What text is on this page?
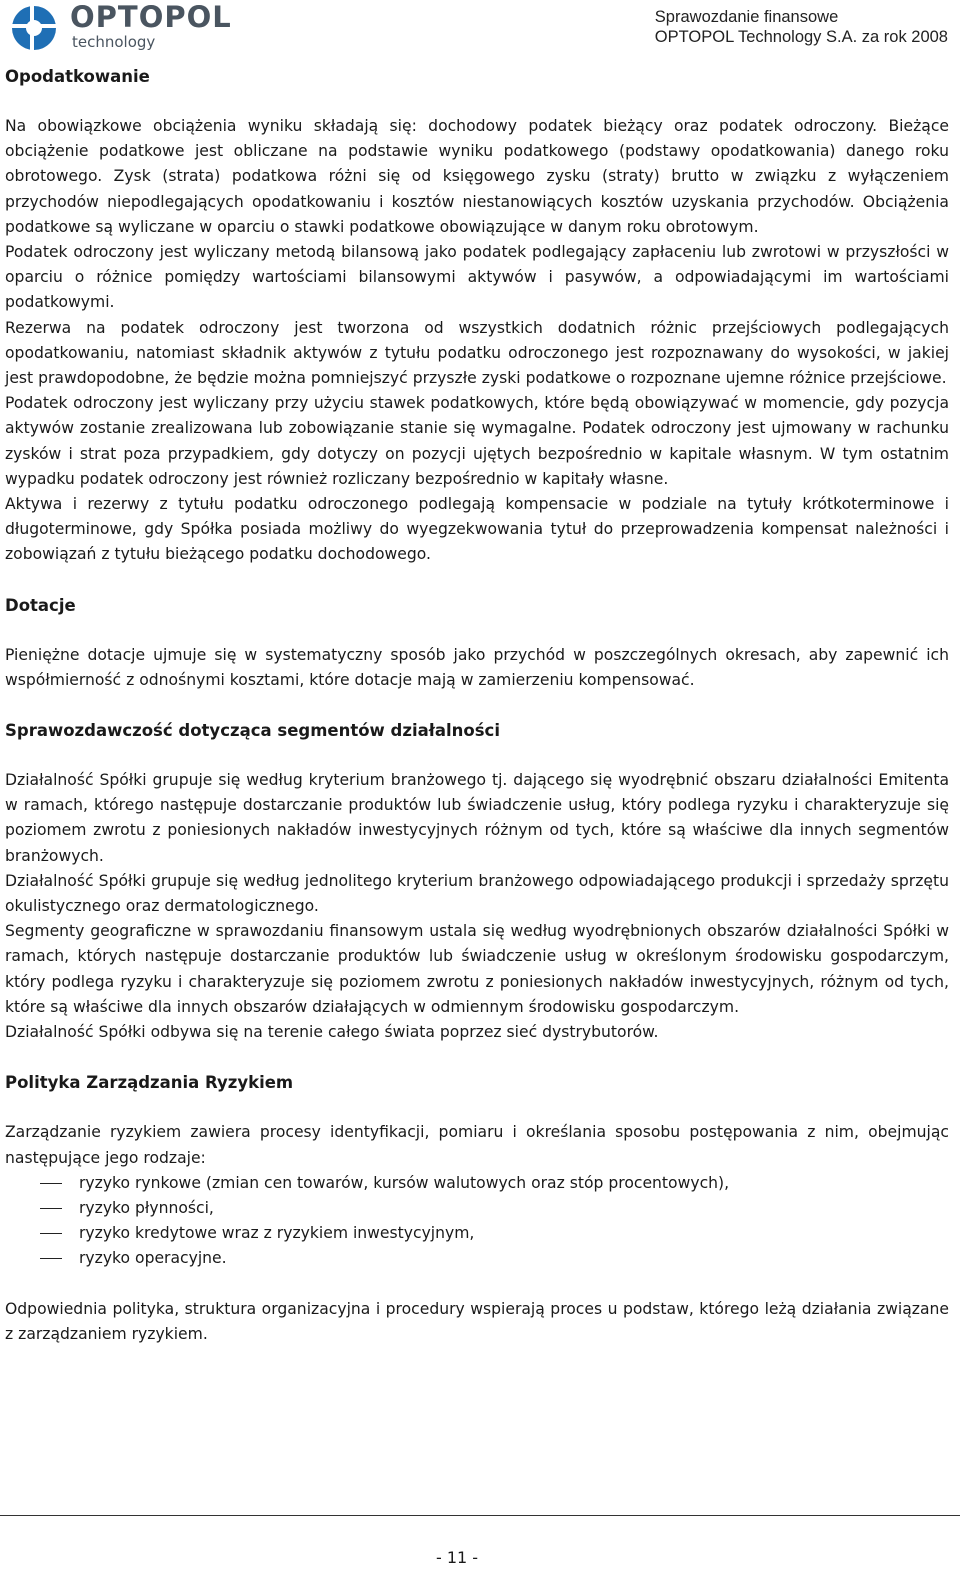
OPTOPOL
technology
Sprawozdanie finansowe
OPTOPOL Technology S.A. za rok 2008
Opodatkowanie

Na obowiązkowe obciążenia wyniku składają się: dochodowy podatek bieżący oraz podatek odroczony. Bieżące obciążenie podatkowe jest obliczane na podstawie wyniku podatkowego (podstawy opodatkowania) danego roku obrotowego. Zysk (strata) podatkowa różni się od księgowego zysku (straty) brutto w związku z wyłączeniem przychodów niepodlegających opodatkowaniu i kosztów niestanowiących kosztów uzyskania przychodów. Obciążenia podatkowe są wyliczane w oparciu o stawki podatkowe obowiązujące w danym roku obrotowym.

Podatek odroczony jest wyliczany metodą bilansową jako podatek podlegający zapłaceniu lub zwrotowi w przyszłości w oparciu o różnice pomiędzy wartościami bilansowymi aktywów i pasywów, a odpowiadającymi im wartościami podatkowymi.

Rezerwa na podatek odroczony jest tworzona od wszystkich dodatnich różnic przejściowych podlegających opodatkowaniu, natomiast składnik aktywów z tytułu podatku odroczonego jest rozpoznawany do wysokości, w jakiej jest prawdopodobne, że będzie można pomniejszyć przyszłe zyski podatkowe o rozpoznane ujemne różnice przejściowe.

Podatek odroczony jest wyliczany przy użyciu stawek podatkowych, które będą obowiązywać w momencie, gdy pozycja aktywów zostanie zrealizowana lub zobowiązanie stanie się wymagalne. Podatek odroczony jest ujmowany w rachunku zysków i strat poza przypadkiem, gdy dotyczy on pozycji ujętych bezpośrednio w kapitale własnym. W tym ostatnim wypadku podatek odroczony jest również rozliczany bezpośrednio w kapitały własne.

Aktywa i rezerwy z tytułu podatku odroczonego podlegają kompensacie w podziale na tytuły krótkoterminowe i długoterminowe, gdy Spółka posiada możliwy do wyegzekwowania tytuł do przeprowadzenia kompensat należności i zobowiązań z tytułu bieżącego podatku dochodowego.

Dotacje

Pieniężne dotacje ujmuje się w systematyczny sposób jako przychód w poszczególnych okresach, aby zapewnić ich współmierność z odnośnymi kosztami, które dotacje mają w zamierzeniu kompensować.

Sprawozdawczość dotycząca segmentów działalności

Działalność Spółki grupuje się według kryterium branżowego tj. dającego się wyodrębnić obszaru działalności Emitenta w ramach, którego następuje dostarczanie produktów lub świadczenie usług, który podlega ryzyku i charakteryzuje się poziomem zwrotu z poniesionych nakładów inwestycyjnych różnym od tych, które są właściwe dla innych segmentów branżowych.

Działalność Spółki grupuje się według jednolitego kryterium branżowego odpowiadającego produkcji i sprzedaży sprzętu okulistycznego oraz dermatologicznego.

Segmenty geograficzne w sprawozdaniu finansowym ustala się według wyodrębnionych obszarów działalności Spółki w ramach, których następuje dostarczanie produktów lub świadczenie usług w określonym środowisku gospodarczym, który podlega ryzyku i charakteryzuje się poziomem zwrotu z poniesionych nakładów inwestycyjnych, różnym od tych, które są właściwe dla innych obszarów działających w odmiennym środowisku gospodarczym.

Działalność Spółki odbywa się na terenie całego świata poprzez sieć dystrybutorów.

Polityka Zarządzania Ryzykiem

Zarządzanie ryzykiem zawiera procesy identyfikacji, pomiaru i określania sposobu postępowania z nim, obejmując następujące jego rodzaje:

ryzyko rynkowe (zmian cen towarów, kursów walutowych oraz stóp procentowych),
ryzyko płynności,
ryzyko kredytowe wraz z ryzykiem inwestycyjnym,
ryzyko operacyjne.

Odpowiednia polityka, struktura organizacyjna i procedury wspierają proces u podstaw, którego leżą działania związane z zarządzaniem ryzykiem.

- 11 -
